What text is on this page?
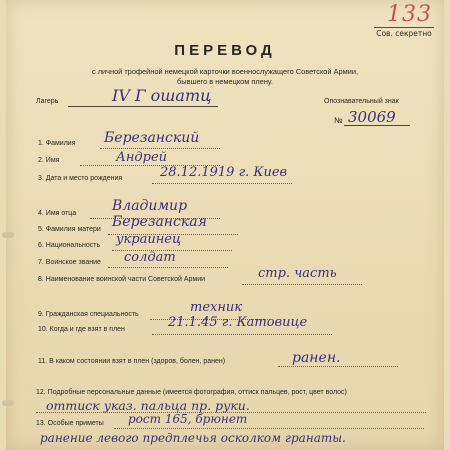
133
Сов. секретно
ПЕРЕВОД
с личной трофейной немецкой карточки военнослужащего Советской Армии,
бывшего в немецком плену.
Лагерь	IV Г ошатц	Опознавательный знак
№ 30069
1. Фамилия Березанский
2. Имя	Андрей
3. Дата и место рождения	28.12.1919 г. Киев
4. Имя отца	Владимир
5. Фамилия матери Березанская
6. Национальность украинец
7. Воинское звание солдат
8. Наименование воинской части Советской Армии	стр. часть
9. Гражданская специальность	техник
10. Когда и где взят в плен	21.1.45 г. Катовице
11. В каком состоянии взят в плен (здоров, болен, ранен)	ранен.
12. Подробные персональные данные (имеется фотография, оттиск пальцев, рост, цвет волос)
оттиск указ. пальца пр. руки.
13. Особые приметы рост 165, брюнет
ранение левого предплечья осколком гранаты.
